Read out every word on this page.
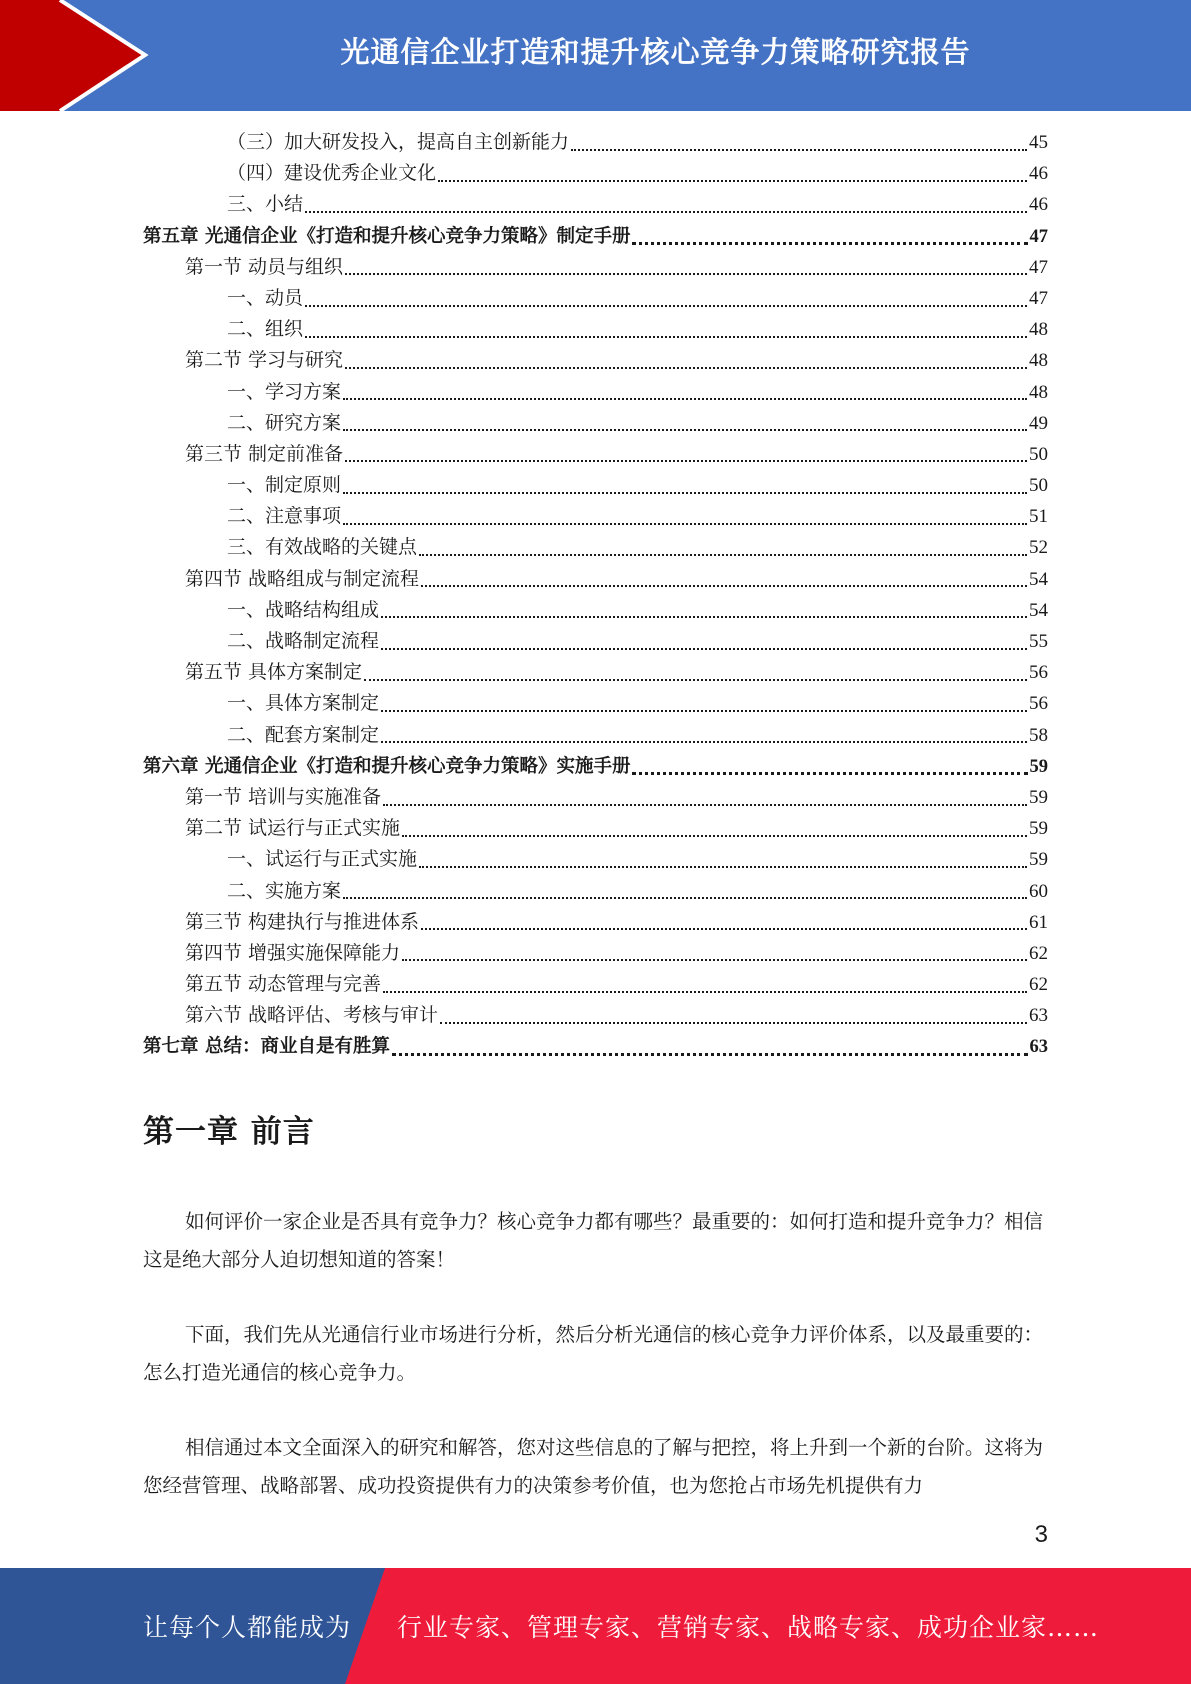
光通信企业打造和提升核心竞争力策略研究报告
（三）加大研发投入，提高自主创新能力	45
（四）建设优秀企业文化	46
三、小结	46
第五章 光通信企业《打造和提升核心竞争力策略》制定手册	47
第一节 动员与组织	47
一、动员	47
二、组织	48
第二节 学习与研究	48
一、学习方案	48
二、研究方案	49
第三节 制定前准备	50
一、制定原则	50
二、注意事项	51
三、有效战略的关键点	52
第四节 战略组成与制定流程	54
一、战略结构组成	54
二、战略制定流程	55
第五节 具体方案制定	56
一、具体方案制定	56
二、配套方案制定	58
第六章 光通信企业《打造和提升核心竞争力策略》实施手册	59
第一节 培训与实施准备	59
第二节 试运行与正式实施	59
一、试运行与正式实施	59
二、实施方案	60
第三节 构建执行与推进体系	61
第四节 增强实施保障能力	62
第五节 动态管理与完善	62
第六节 战略评估、考核与审计	63
第七章 总结：商业自是有胜算	63
第一章 前言
如何评价一家企业是否具有竞争力？核心竞争力都有哪些？最重要的：如何打造和提升竞争力？相信这是绝大部分人迫切想知道的答案！
下面，我们先从光通信行业市场进行分析，然后分析光通信的核心竞争力评价体系，以及最重要的：怎么打造光通信的核心竞争力。
相信通过本文全面深入的研究和解答，您对这些信息的了解与把控，将上升到一个新的台阶。这将为您经营管理、战略部署、成功投资提供有力的决策参考价值，也为您抢占市场先机提供有力
3
让每个人都能成为 行业专家、管理专家、营销专家、战略专家、成功企业家……
